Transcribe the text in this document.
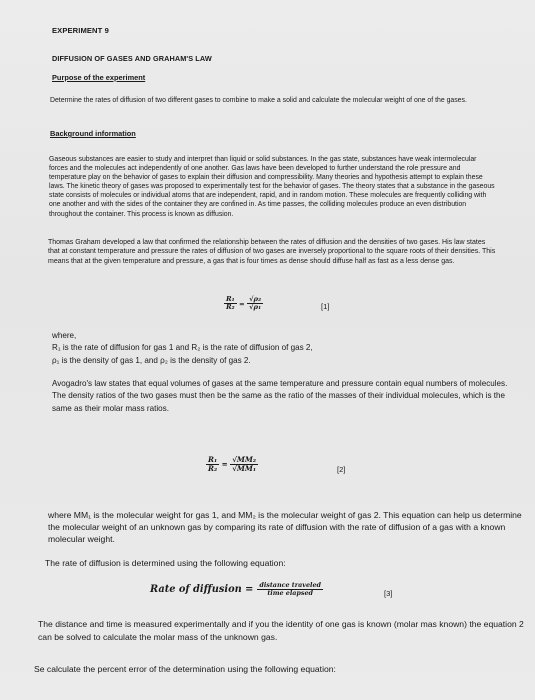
EXPERIMENT 9
DIFFUSION OF GASES AND GRAHAM'S LAW
Purpose of the experiment
Determine the rates of diffusion of two different gases to combine to make a solid and calculate the molecular weight of one of the gases.
Background information
Gaseous substances are easier to study and interpret than liquid or solid substances. In the gas state, substances have weak intermolecular forces and the molecules act independently of one another. Gas laws have been developed to further understand the role pressure and temperature play on the behavior of gases to explain their diffusion and compressibility. Many theories and hypothesis attempt to explain these laws. The kinetic theory of gases was proposed to experimentally test for the behavior of gases. The theory states that a substance in the gaseous state consists of molecules or individual atoms that are independent, rapid, and in random motion. These molecules are frequently colliding with one another and with the sides of the container they are confined in. As time passes, the colliding molecules produce an even distribution throughout the container. This process is known as diffusion.
Thomas Graham developed a law that confirmed the relationship between the rates of diffusion and the densities of two gases. His law states that at constant temperature and pressure the rates of diffusion of two gases are inversely proportional to the square roots of their densities. This means that at the given temperature and pressure, a gas that is four times as dense should diffuse half as fast as a less dense gas.
$\frac{\text{R₁}}{\text{R₂}} = \frac{\text{√ρ₂}}{\text{√ρ₁}}$	[1]
where,
R₁ is the rate of diffusion for gas 1 and R₂ is the rate of diffusion of gas 2,
ρ₁ is the density of gas 1, and ρ₂ is the density of gas 2.
Avogadro's law states that equal volumes of gases at the same temperature and pressure contain equal numbers of molecules. The density ratios of the two gases must then be the same as the ratio of the masses of their individual molecules, which is the same as their molar mass ratios.
$\frac{\text{R₁}}{\text{R₂}} = \frac{\text{√MM₂}}{\text{√MM₁}}$	[2]
where MM₁ is the molecular weight for gas 1, and MM₂ is the molecular weight of gas 2. This equation can help us determine the molecular weight of an unknown gas by comparing its rate of diffusion with the rate of diffusion of a gas with a known molecular weight.
The rate of diffusion is determined using the following equation:
Rate of diffusion = $\frac{\text{distance traveled}}{\text{time elapsed}}$	[3]
The distance and time is measured experimentally and if you the identity of one gas is known (molar mas known) the equation 2 can be solved to calculate the molar mass of the unknown gas.
Se calculate the percent error of the determination using the following equation:
